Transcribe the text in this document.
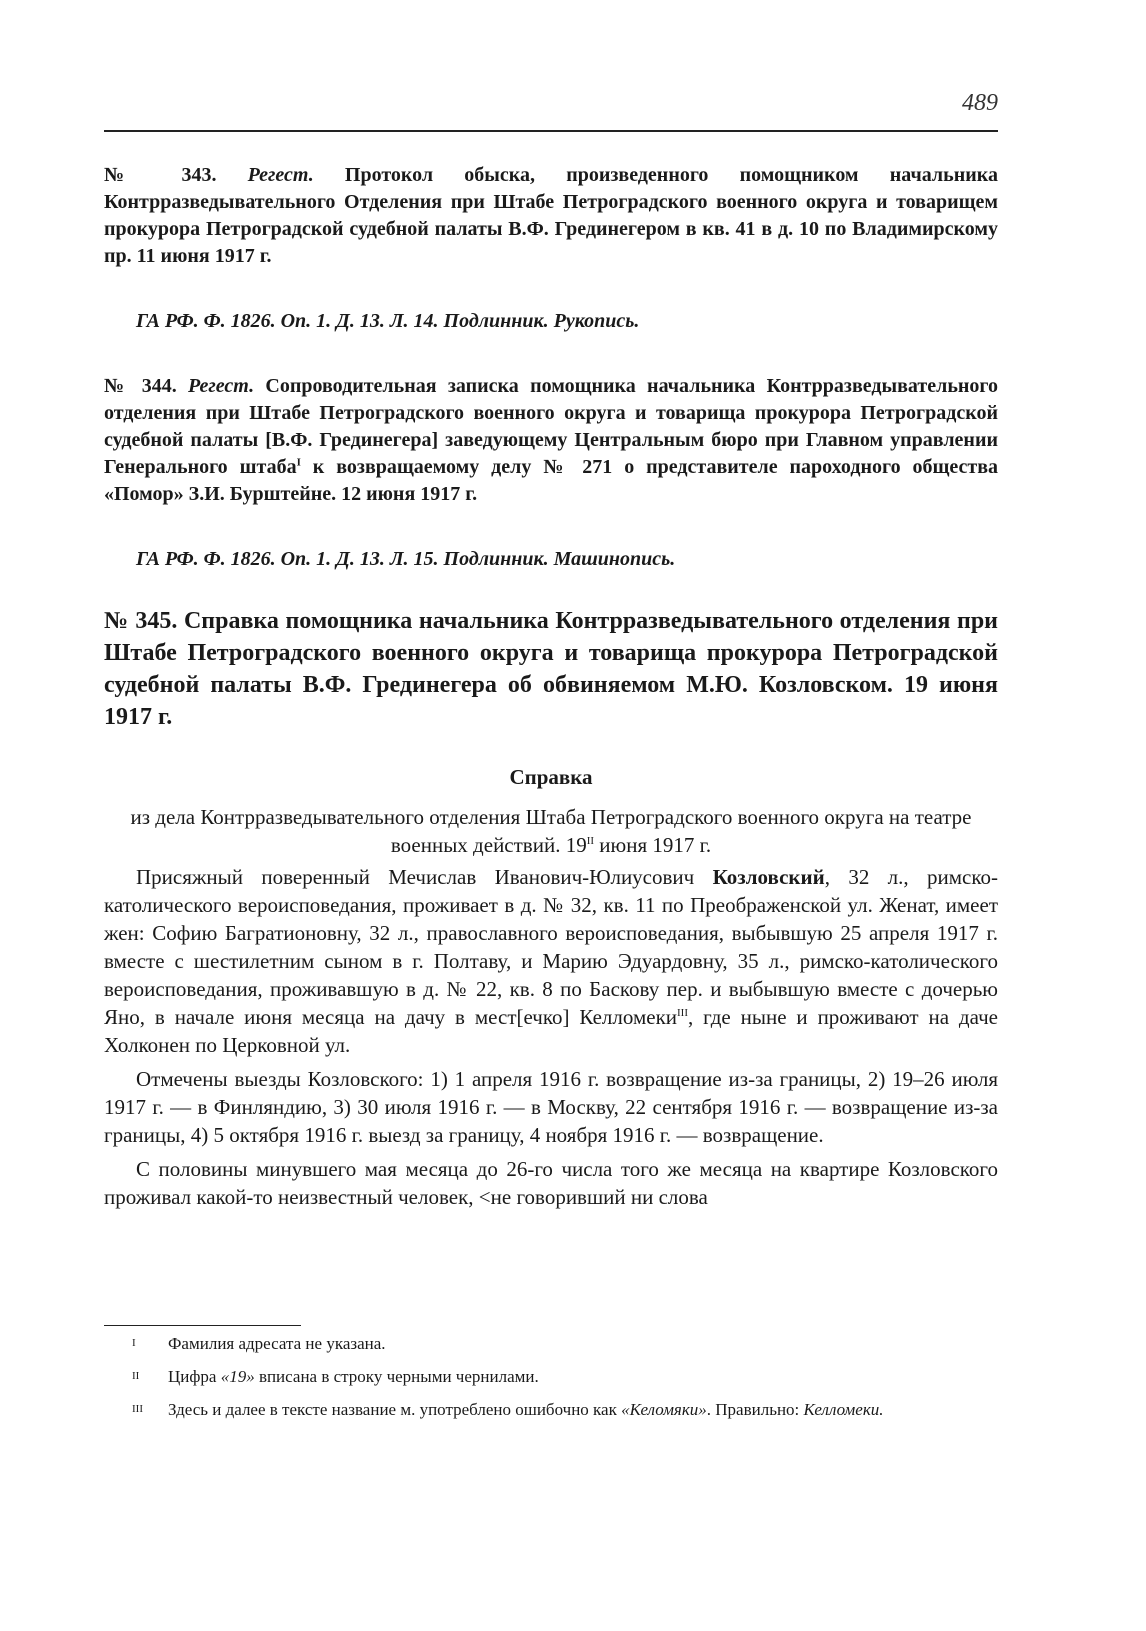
489

№ 343. Регест. Протокол обыска, произведенного помощником начальника Контрразведывательного Отделения при Штабе Петроградского военного округа и товарищем прокурора Петроградской судебной палаты В.Ф. Грединегером в кв. 41 в д. 10 по Владимирскому пр. 11 июня 1917 г.

ГА РФ. Ф. 1826. Оп. 1. Д. 13. Л. 14. Подлинник. Рукопись.

№ 344. Регест. Сопроводительная записка помощника начальника Контрразведывательного отделения при Штабе Петроградского военного округа и товарища прокурора Петроградской судебной палаты [В.Ф. Грединегера] заведующему Центральным бюро при Главном управлении Генерального штаба$^I$ к возвращаемому делу № 271 о представителе пароходного общества «Помор» З.И. Бурштейне. 12 июня 1917 г.

ГА РФ. Ф. 1826. Оп. 1. Д. 13. Л. 15. Подлинник. Машинопись.

№ 345. Справка помощника начальника Контрразведывательного отделения при Штабе Петроградского военного округа и товарища прокурора Петроградской судебной палаты В.Ф. Грединегера об обвиняемом М.Ю. Козловском. 19 июня 1917 г.

Справка

из дела Контрразведывательного отделения Штаба Петроградского военного округа на театре военных действий. $19^{II}$ июня 1917 г.

Присяжный поверенный Мечислав Иванович-Юлиусович Козловский, 32 л., римско-католического вероисповедания, проживает в д. № 32, кв. 11 по Преображенской ул. Женат, имеет жен: Софию Багратионовну, 32 л., православного вероисповедания, выбывшую 25 апреля 1917 г. вместе с шестилетним сыном в г. Полтаву, и Марию Эдуардовну, 35 л., римско-католического вероисповедания, проживавшую в д. № 22, кв. 8 по Баскову пер. и выбывшую вместе с дочерью Яно, в начале июня месяца на дачу в мест[ечко] Келломеки$^{III}$, где ныне и проживают на даче Холконен по Церковной ул.

Отмечены выезды Козловского: 1) 1 апреля 1916 г. возвращение из-за границы, 2) 19–26 июля 1917 г. — в Финляндию, 3) 30 июля 1916 г. — в Москву, 22 сентября 1916 г. — возвращение из-за границы, 4) 5 октября 1916 г. выезд за границу, 4 ноября 1916 г. — возвращение.

С половины минувшего мая месяца до 26-го числа того же месяца на квартире Козловского проживал какой-то неизвестный человек, <не говоривший ни слова

I Фамилия адресата не указана.

II Цифра «19» вписана в строку черными чернилами.

III Здесь и далее в тексте название м. употреблено ошибочно как «Келомяки». Правильно: Келломеки.
